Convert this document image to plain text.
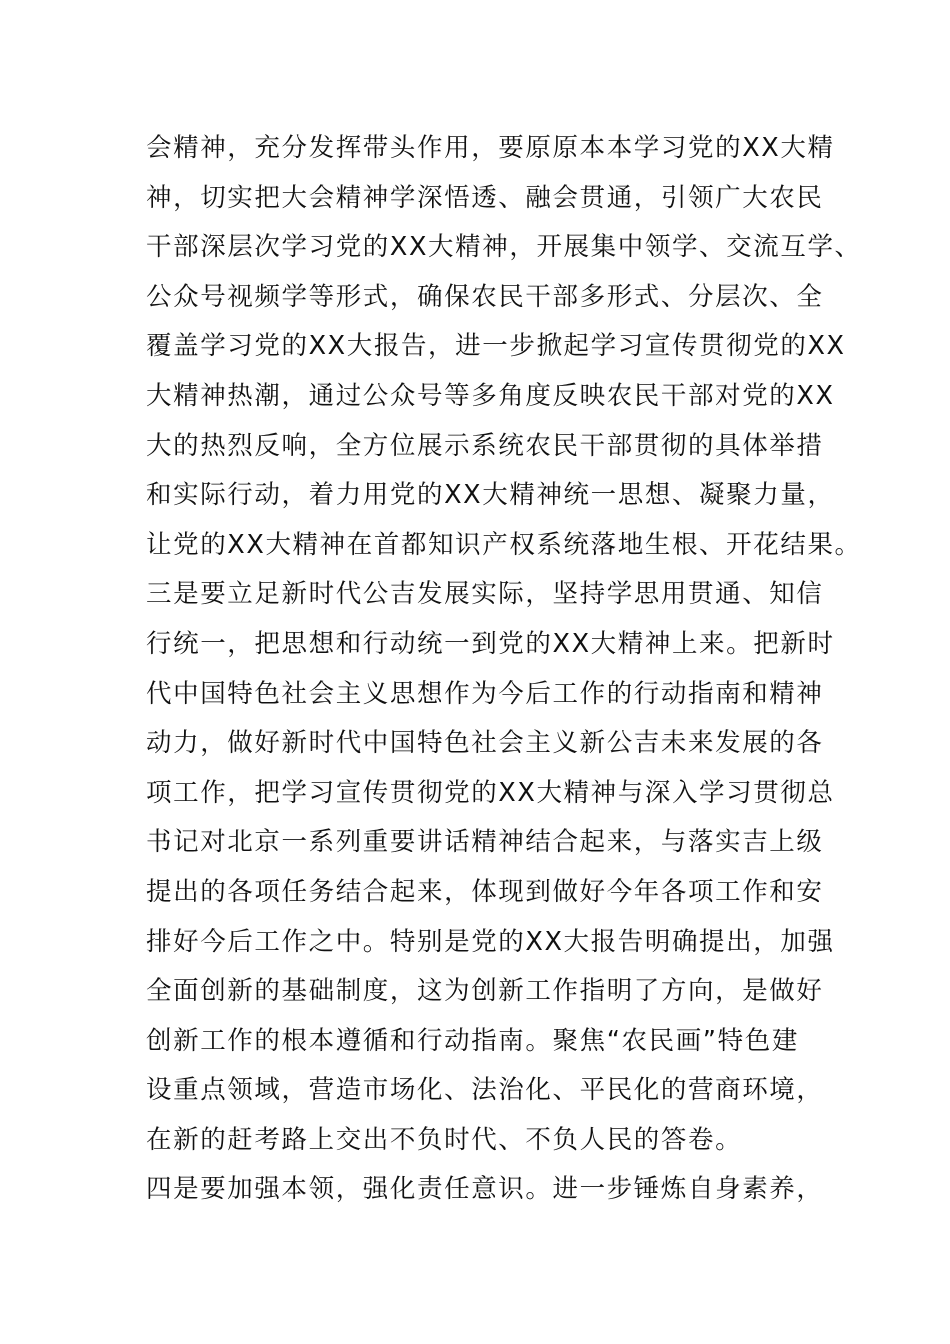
会精神，充分发挥带头作用，要原原本本学习党的XX大精
神，切实把大会精神学深悟透、融会贯通，引领广大农民
干部深层次学习党的XX大精神，开展集中领学、交流互学、
公众号视频学等形式，确保农民干部多形式、分层次、全
覆盖学习党的XX大报告，进一步掀起学习宣传贯彻党的XX
大精神热潮，通过公众号等多角度反映农民干部对党的XX
大的热烈反响，全方位展示系统农民干部贯彻的具体举措
和实际行动，着力用党的XX大精神统一思想、凝聚力量，
让党的XX大精神在首都知识产权系统落地生根、开花结果。
三是要立足新时代公吉发展实际，坚持学思用贯通、知信
行统一，把思想和行动统一到党的XX大精神上来。把新时
代中国特色社会主义思想作为今后工作的行动指南和精神
动力，做好新时代中国特色社会主义新公吉未来发展的各
项工作，把学习宣传贯彻党的XX大精神与深入学习贯彻总
书记对北京一系列重要讲话精神结合起来，与落实吉上级
提出的各项任务结合起来，体现到做好今年各项工作和安
排好今后工作之中。特别是党的XX大报告明确提出，加强
全面创新的基础制度，这为创新工作指明了方向，是做好
创新工作的根本遵循和行动指南。聚焦“农民画”特色建
设重点领域，营造市场化、法治化、平民化的营商环境，
在新的赶考路上交出不负时代、不负人民的答卷。
四是要加强本领，强化责任意识。进一步锤炼自身素养，
